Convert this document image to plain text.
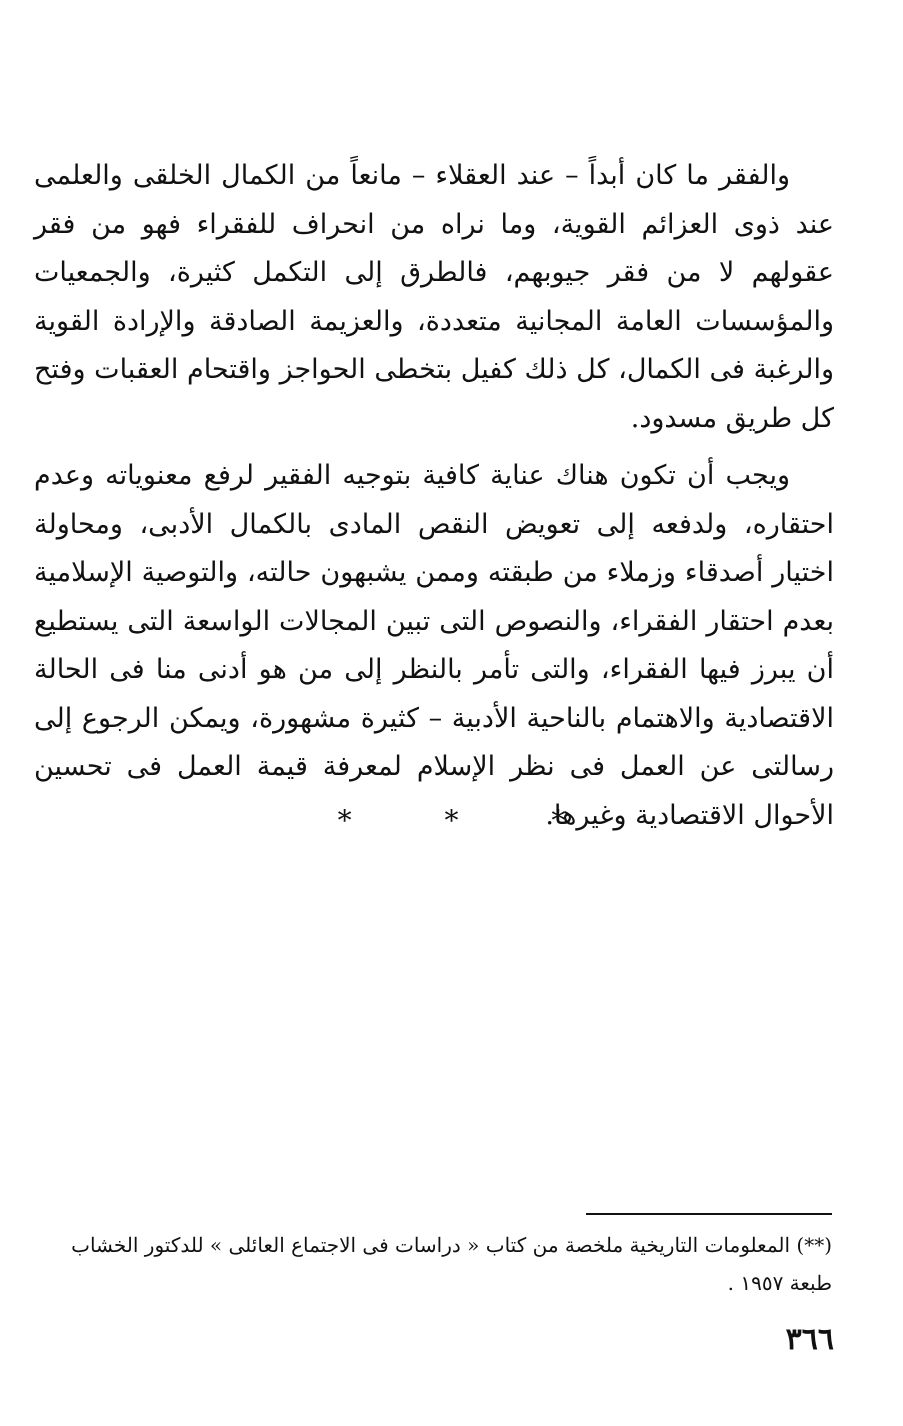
والفقر ما كان أبداً – عند العقلاء – مانعاً من الكمال الخلقى والعلمى عند ذوى العزائم القوية، وما نراه من انحراف للفقراء فهو من فقر عقولهم لا من فقر جيوبهم، فالطرق إلى التكمل كثيرة، والجمعيات والمؤسسات العامة المجانية متعددة، والعزيمة الصادقة والإرادة القوية والرغبة فى الكمال، كل ذلك كفيل بتخطى الحواجز واقتحام العقبات وفتح كل طريق مسدود.

ويجب أن تكون هناك عناية كافية بتوجيه الفقير لرفع معنوياته وعدم احتقاره، ولدفعه إلى تعويض النقص المادى بالكمال الأدبى، ومحاولة اختيار أصدقاء وزملاء من طبقته وممن يشبهون حالته، والتوصية الإسلامية بعدم احتقار الفقراء، والنصوص التى تبين المجالات الواسعة التى يستطيع أن يبرز فيها الفقراء، والتى تأمر بالنظر إلى من هو أدنى منا فى الحالة الاقتصادية والاهتمام بالناحية الأدبية – كثيرة مشهورة، ويمكن الرجوع إلى رسالتى عن العمل فى نظر الإسلام لمعرفة قيمة العمل فى تحسين الأحوال الاقتصادية وغيرها.

* * *
(**) المعلومات التاريخية ملخصة من كتاب « دراسات فى الاجتماع العائلى » للدكتور الخشاب طبعة ١٩٥٧ .
٣٦٦
